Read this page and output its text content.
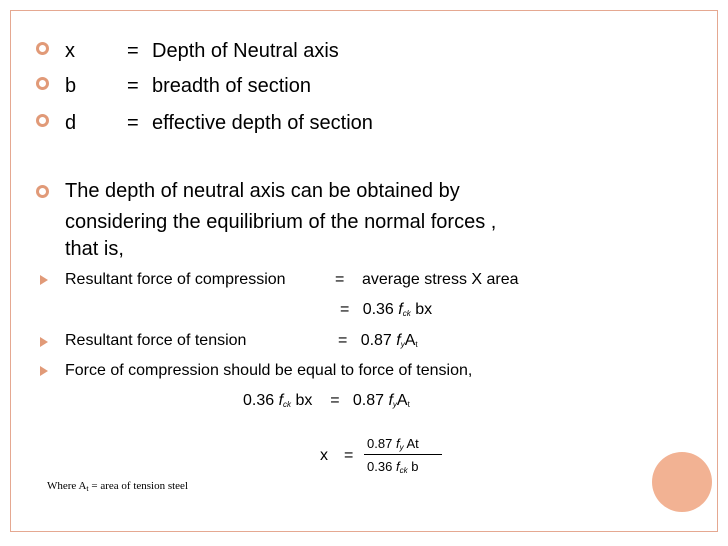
x	= Depth of Neutral axis
b	= breadth of section
d	= effective depth of section
The depth of neutral axis can be obtained by
considering the equilibrium of the normal forces ,
that is,
Resultant force of compression	= average stress X area
= 0.36 $f_{ck}$ bx
Resultant force of tension	= 0.87 $f_yA_t$
Force of compression should be equal to force of tension,
0.36 $f_{ck}$ bx = 0.87 $f_yA_t$
x =
0.87 $f_y$ At
0.36 $f_{ck}$ b
Where $A_t$ = area of tension steel
